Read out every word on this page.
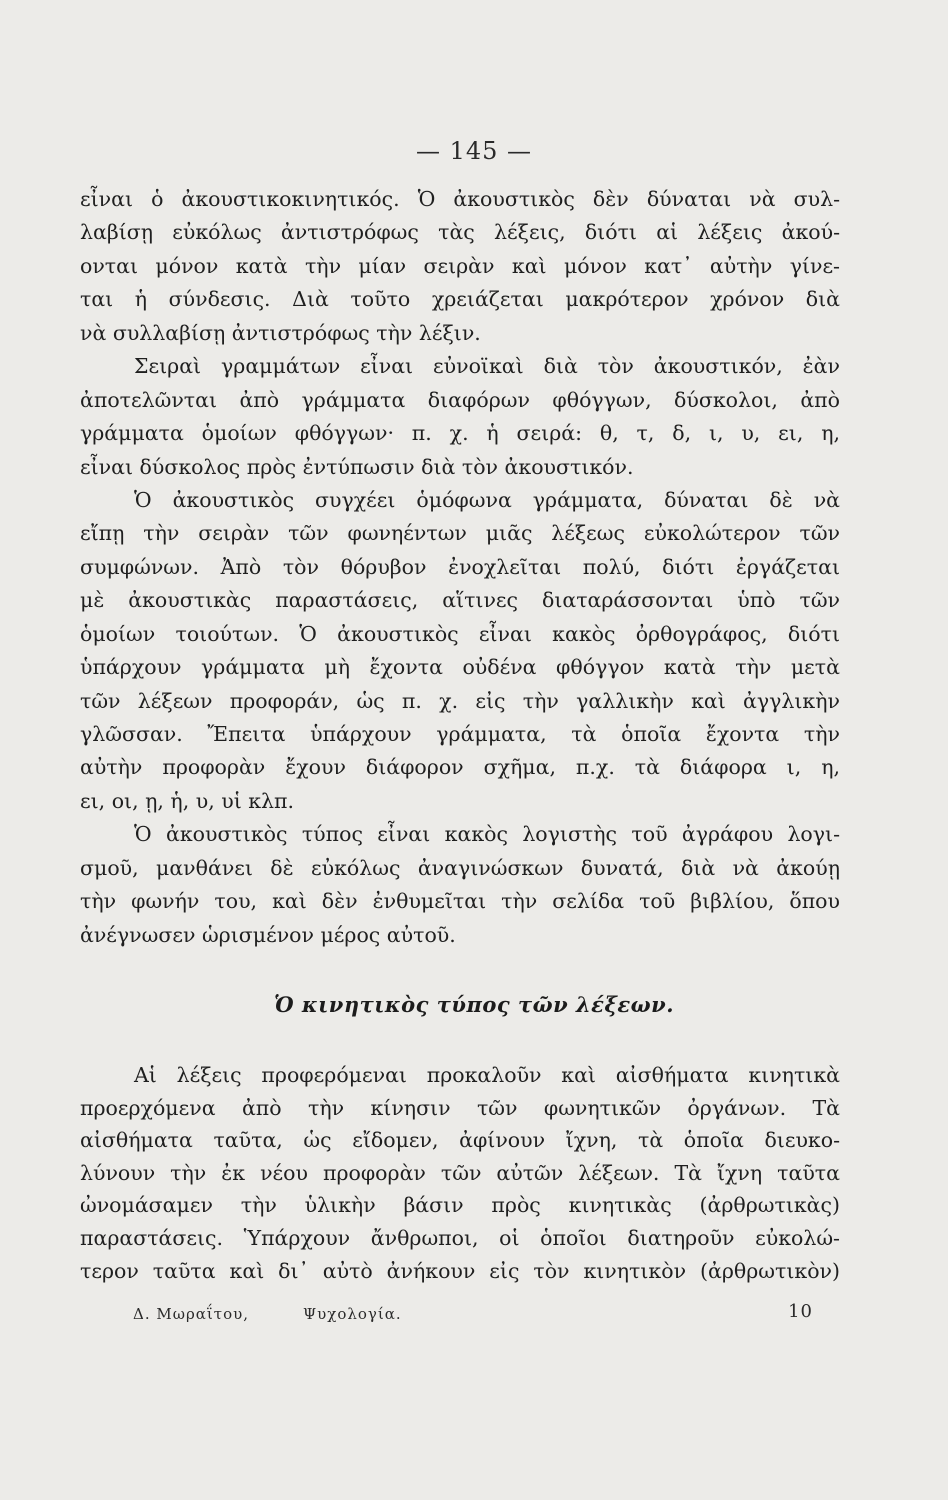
— 145 —
εἶναι ὁ ἀκουστικοκινητικός. Ὁ ἀκουστικὸς δὲν δύναται νὰ συλ-
λαβίσῃ εὐκόλως ἀντιστρόφως τὰς λέξεις, διότι αἱ λέξεις ἀκού-
ονται μόνον κατὰ τὴν μίαν σειρὰν καὶ μόνον κατ᾿ αὐτὴν γίνε-
ται ἡ σύνδεσις. Διὰ τοῦτο χρειάζεται μακρότερον χρόνον διὰ
νὰ συλλαβίσῃ ἀντιστρόφως τὴν λέξιν.
Σειραὶ γραμμάτων εἶναι εὐνοϊκαὶ διὰ τὸν ἀκουστικόν, ἐὰν
ἀποτελῶνται ἀπὸ γράμματα διαφόρων φθόγγων, δύσκολοι, ἀπὸ
γράμματα ὁμοίων φθόγγων· π. χ. ἡ σειρά: θ, τ, δ, ι, υ, ει, η,
εἶναι δύσκολος πρὸς ἐντύπωσιν διὰ τὸν ἀκουστικόν.
Ὁ ἀκουστικὸς συγχέει ὁμόφωνα γράμματα, δύναται δὲ νὰ
εἴπῃ τὴν σειρὰν τῶν φωνηέντων μιᾶς λέξεως εὐκολώτερον τῶν
συμφώνων. Ἀπὸ τὸν θόρυβον ἐνοχλεῖται πολύ, διότι ἐργάζεται
μὲ ἀκουστικὰς παραστάσεις, αἵτινες διαταράσσονται ὑπὸ τῶν
ὁμοίων τοιούτων. Ὁ ἀκουστικὸς εἶναι κακὸς ὀρθογράφος, διότι
ὑπάρχουν γράμματα μὴ ἔχοντα οὐδένα φθόγγον κατὰ τὴν μετὰ
τῶν λέξεων προφοράν, ὡς π. χ. εἰς τὴν γαλλικὴν καὶ ἀγγλικὴν
γλῶσσαν. Ἔπειτα ὑπάρχουν γράμματα, τὰ ὁποῖα ἔχοντα τὴν
αὐτὴν προφορὰν ἔχουν διάφορον σχῆμα, π.χ. τὰ διάφορα ι, η,
ει, οι, ῃ, ἡ, υ, υἱ κλπ.
Ὁ ἀκουστικὸς τύπος εἶναι κακὸς λογιστὴς τοῦ ἀγράφου λογι-
σμοῦ, μανθάνει δὲ εὐκόλως ἀναγινώσκων δυνατά, διὰ νὰ ἀκούῃ
τὴν φωνήν του, καὶ δὲν ἐνθυμεῖται τὴν σελίδα τοῦ βιβλίου, ὅπου
ἀνέγνωσεν ὡρισμένον μέρος αὐτοῦ.
Ὁ κινητικὸς τύπος τῶν λέξεων.
Αἱ λέξεις προφερόμεναι προκαλοῦν καὶ αἰσθήματα κινητικὰ
προερχόμενα ἀπὸ τὴν κίνησιν τῶν φωνητικῶν ὀργάνων. Τὰ
αἰσθήματα ταῦτα, ὡς εἴδομεν, ἀφίνουν ἴχνη, τὰ ὁποῖα διευκο-
λύνουν τὴν ἐκ νέου προφορὰν τῶν αὐτῶν λέξεων. Τὰ ἴχνη ταῦτα
ὠνομάσαμεν τὴν ὑλικὴν βάσιν πρὸς κινητικὰς (ἀρθρωτικὰς)
παραστάσεις. Ὑπάρχουν ἄνθρωποι, οἱ ὁποῖοι διατηροῦν εὐκολώ-
τερον ταῦτα καὶ δι᾿ αὐτὸ ἀνήκουν εἰς τὸν κινητικὸν (ἀρθρωτικὸν)
Δ. Μωραΐτου,	Ψυχολογία.	10
